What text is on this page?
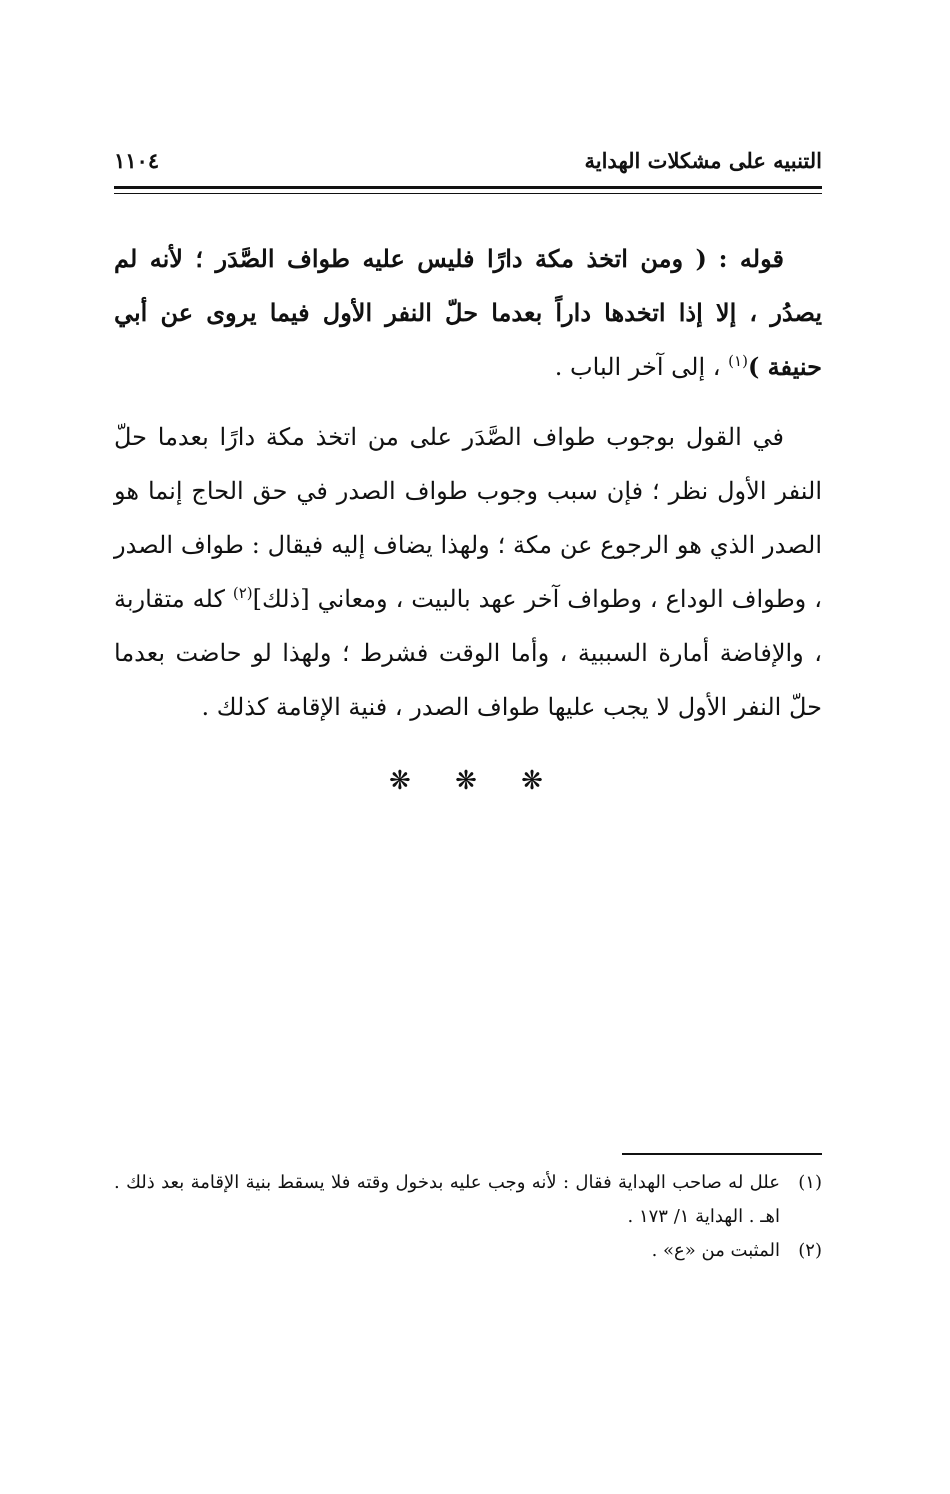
التنبيه على مشكلات الهداية
١١٠٤

قوله : ( ومن اتخذ مكة دارًا فليس عليه طواف الصَّدَر ؛ لأنه لم يصدُر ، إلا إذا اتخدها داراً بعدما حلّ النفر الأول فيما يروى عن أبي حنيفة )$^{(١)}$ ، إلى آخر الباب .

في القول بوجوب طواف الصَّدَر على من اتخذ مكة دارًا بعدما حلّ النفر الأول نظر ؛ فإن سبب وجوب طواف الصدر في حق الحاج إنما هو الصدر الذي هو الرجوع عن مكة ؛ ولهذا يضاف إليه فيقال : طواف الصدر ، وطواف الوداع ، وطواف آخر عهد بالبيت ، ومعاني [ذلك]$^{(٢)}$ كله متقاربة ، والإفاضة أمارة السببية ، وأما الوقت فشرط ؛ ولهذا لو حاضت بعدما حلّ النفر الأول لا يجب عليها طواف الصدر ، فنية الإقامة كذلك .

❋ ❋ ❋

(١)
علل له صاحب الهداية فقال : لأنه وجب عليه بدخول وقته فلا يسقط بنية الإقامة بعد ذلك . اهـ . الهداية ١/ ١٧٣ .

(٢)
المثبت من «ع» .
